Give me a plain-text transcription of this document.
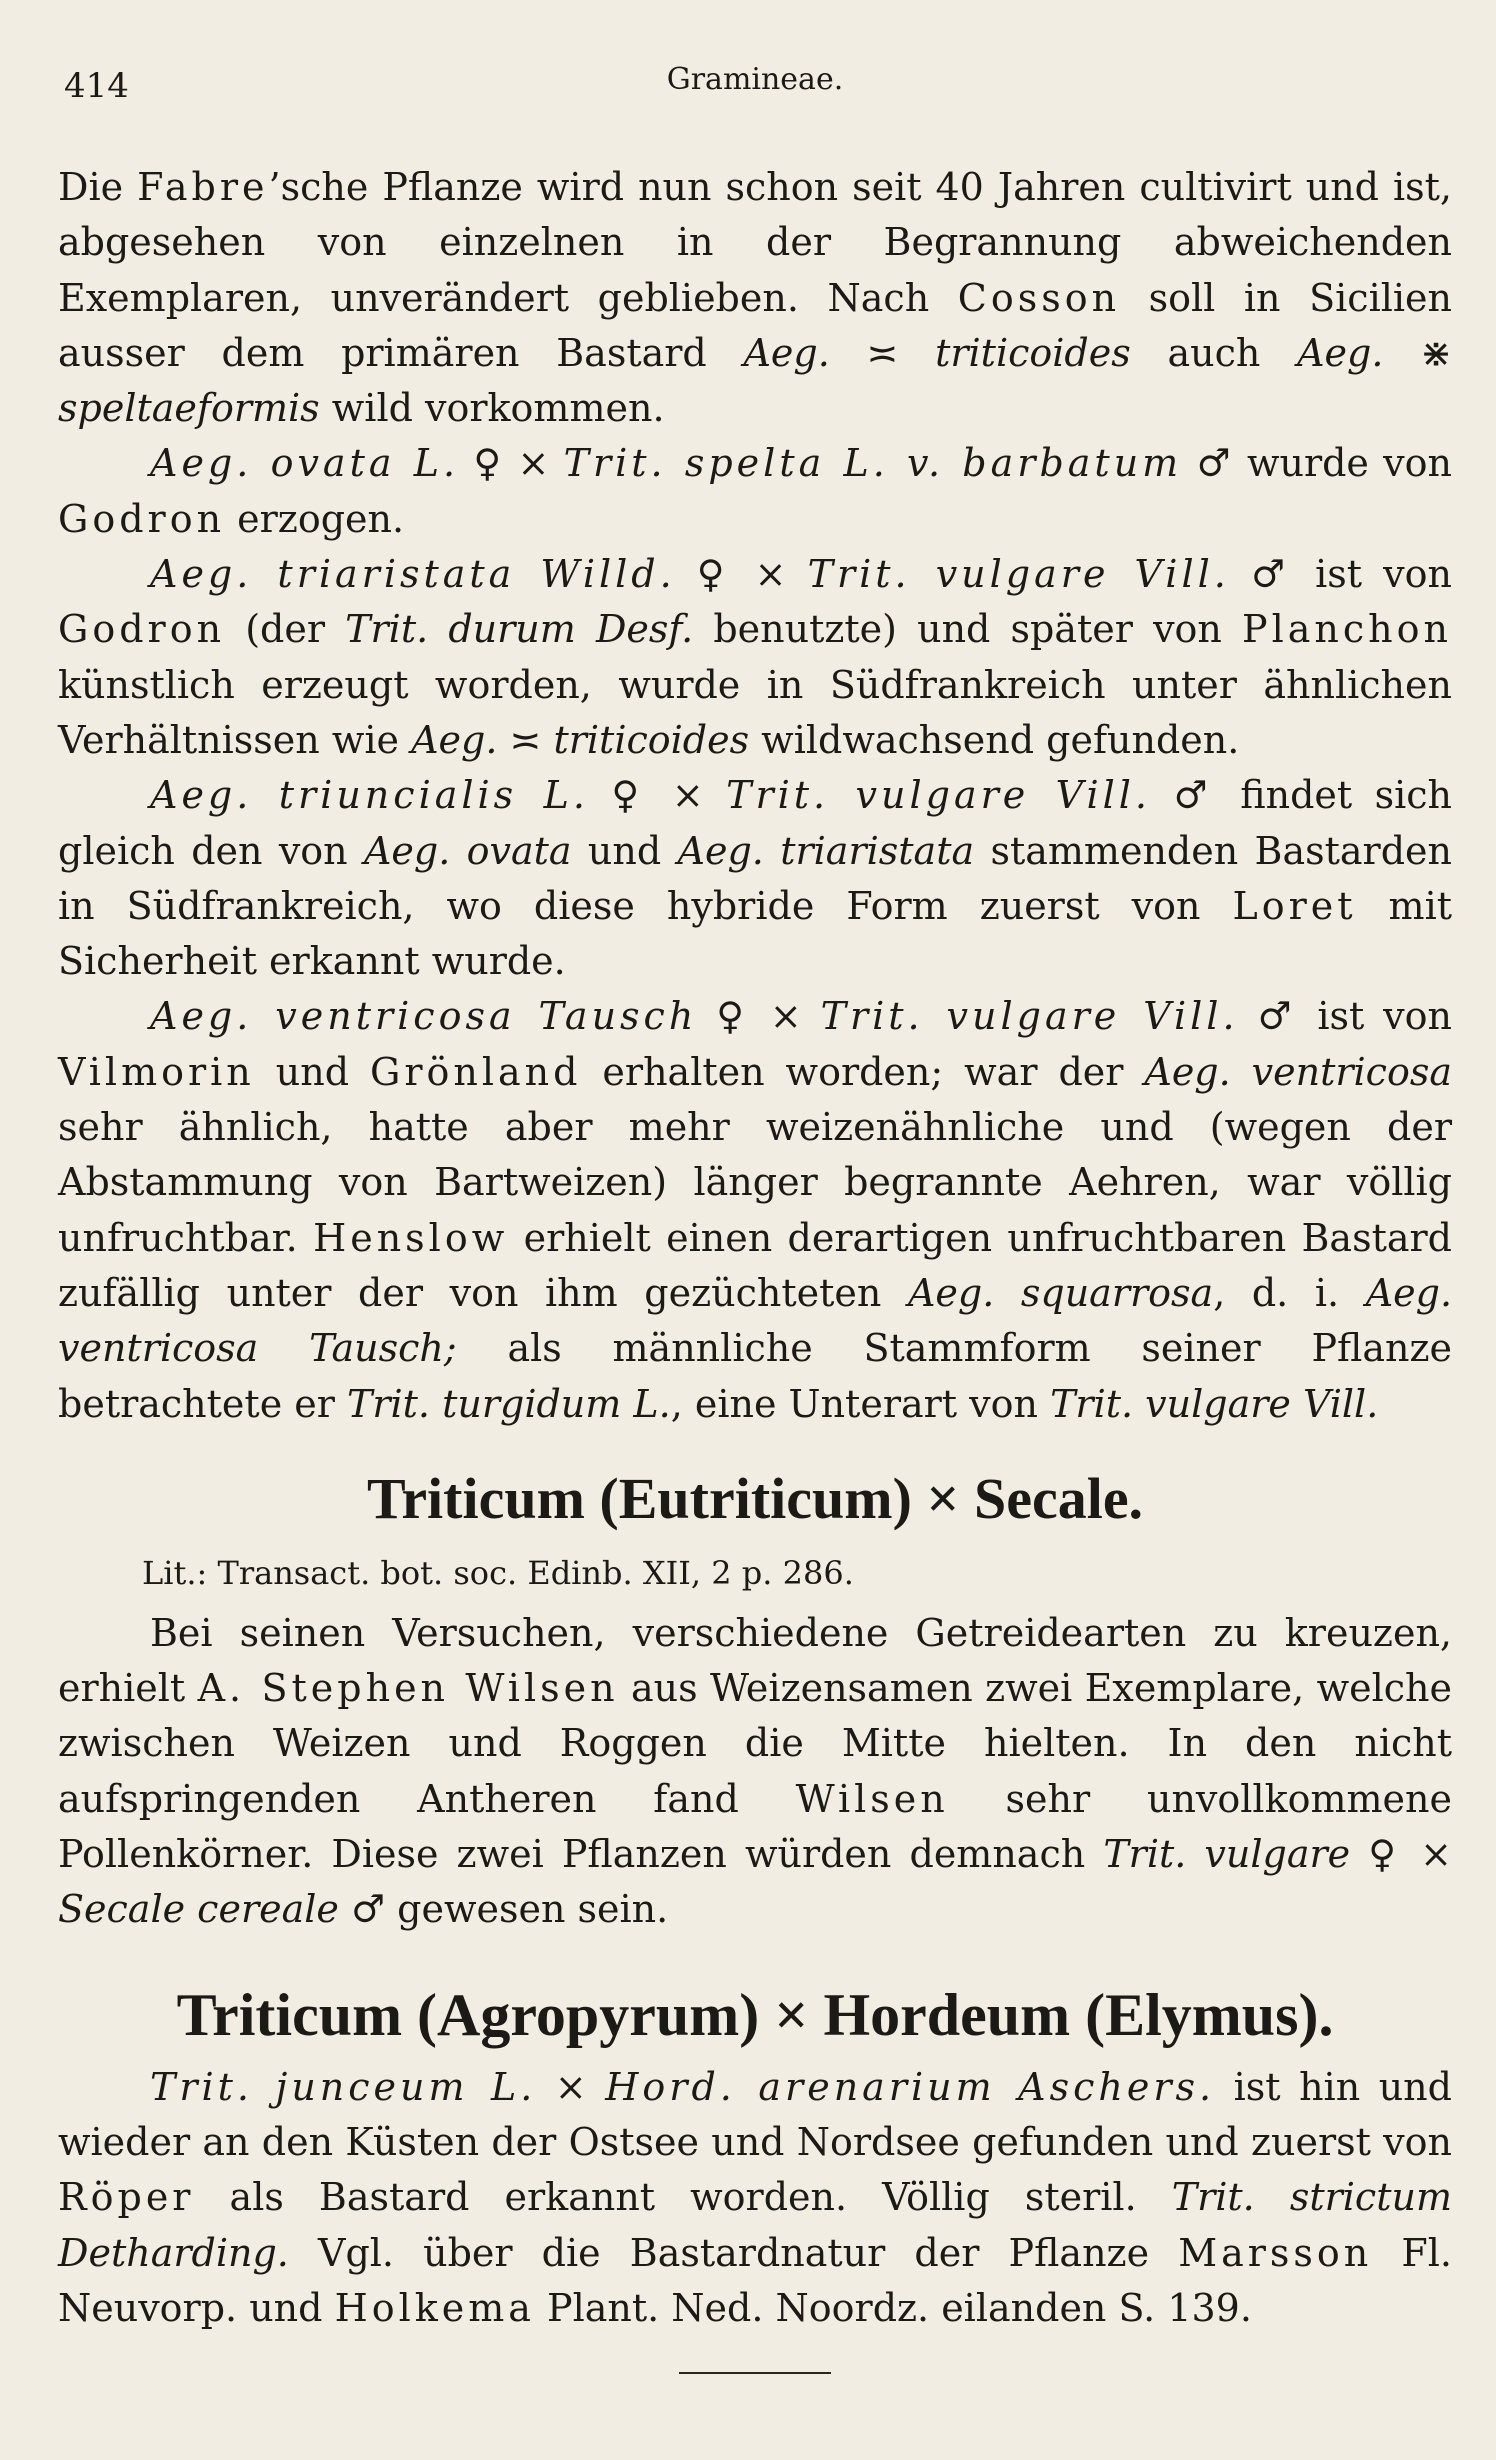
414	Gramineae.

Die Fabre’sche Pflanze wird nun schon seit 40 Jahren cultivirt und ist, abgesehen von einzelnen in der Begrannung abweichenden Exemplaren, unverändert geblieben. Nach Cosson soll in Sicilien ausser dem primären Bastard Aeg. ≍ triticoides auch Aeg. ⋇ speltaeformis wild vorkommen.

Aeg. ovata L. ♀ × Trit. spelta L. v. barbatum ♂ wurde von Godron erzogen.

Aeg. triaristata Willd. ♀ × Trit. vulgare Vill. ♂ ist von Godron (der Trit. durum Desf. benutzte) und später von Planchon künstlich erzeugt worden, wurde in Südfrankreich unter ähnlichen Verhältnissen wie Aeg. ≍ triticoides wildwachsend gefunden.

Aeg. triuncialis L. ♀ × Trit. vulgare Vill. ♂ findet sich gleich den von Aeg. ovata und Aeg. triaristata stammenden Bastarden in Südfrankreich, wo diese hybride Form zuerst von Loret mit Sicherheit erkannt wurde.

Aeg. ventricosa Tausch ♀ × Trit. vulgare Vill. ♂ ist von Vilmorin und Grönland erhalten worden; war der Aeg. ventricosa sehr ähnlich, hatte aber mehr weizenähnliche und (wegen der Abstammung von Bartweizen) länger begrannte Aehren, war völlig unfruchtbar. Henslow erhielt einen derartigen unfruchtbaren Bastard zufällig unter der von ihm gezüchteten Aeg. squarrosa, d. i. Aeg. ventricosa Tausch; als männliche Stammform seiner Pflanze betrachtete er Trit. turgidum L., eine Unterart von Trit. vulgare Vill.

Triticum (Eutriticum) × Secale.

Lit.: Transact. bot. soc. Edinb. XII, 2 p. 286.

Bei seinen Versuchen, verschiedene Getreidearten zu kreuzen, erhielt A. Stephen Wilsen aus Weizensamen zwei Exemplare, welche zwischen Weizen und Roggen die Mitte hielten. In den nicht aufspringenden Antheren fand Wilsen sehr unvollkommene Pollenkörner. Diese zwei Pflanzen würden demnach Trit. vulgare ♀ × Secale cereale ♂ gewesen sein.

Triticum (Agropyrum) × Hordeum (Elymus).

Trit. junceum L. × Hord. arenarium Aschers. ist hin und wieder an den Küsten der Ostsee und Nordsee gefunden und zuerst von Röper als Bastard erkannt worden. Völlig steril. Trit. strictum Detharding. Vgl. über die Bastardnatur der Pflanze Marsson Fl. Neuvorp. und Holkema Plant. Ned. Noordz. eilanden S. 139.
